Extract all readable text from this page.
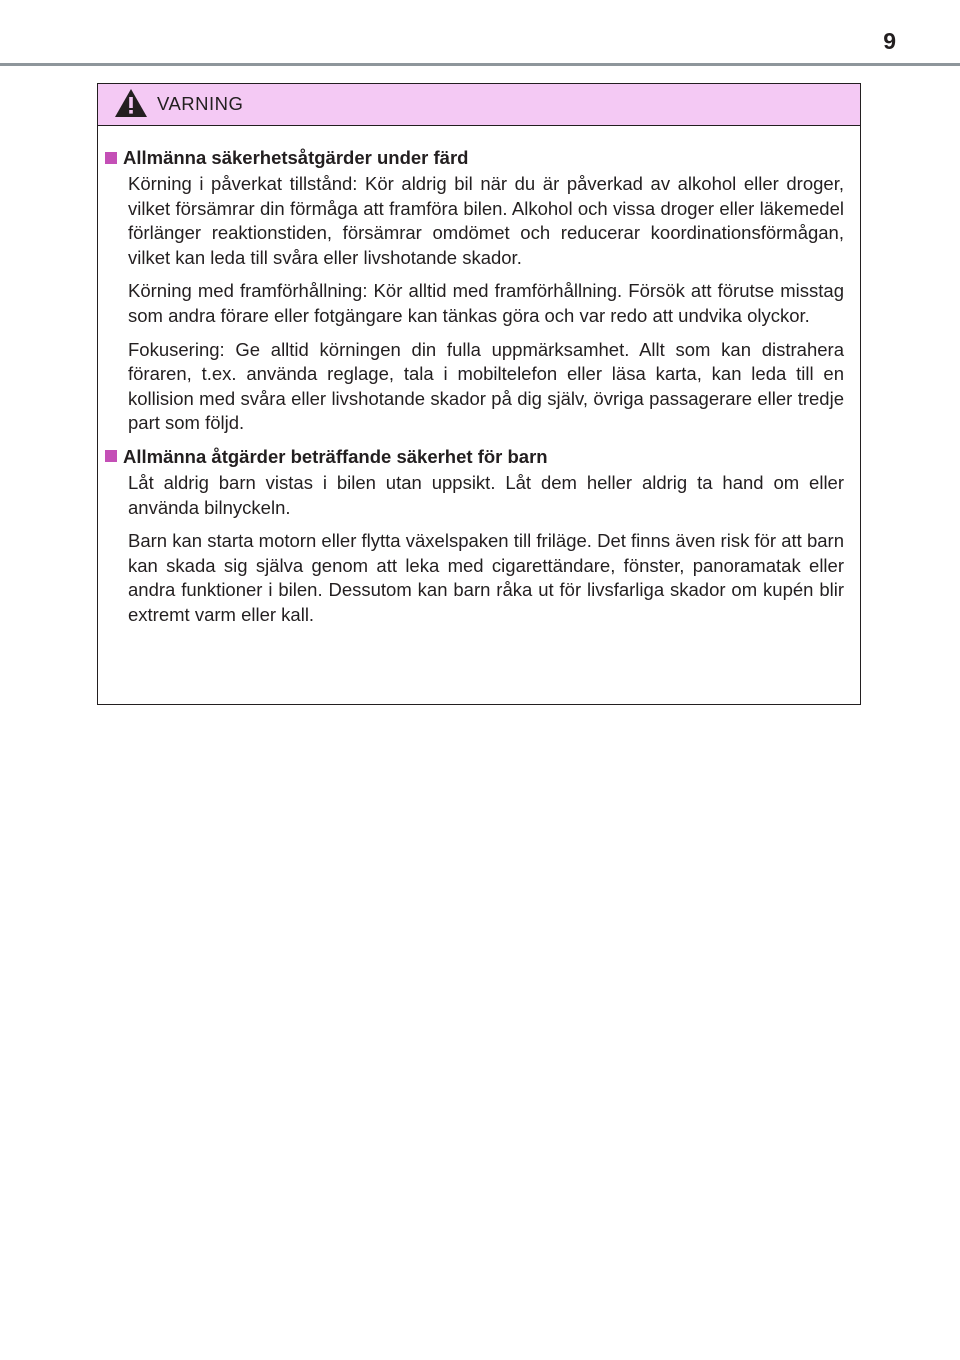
9
VARNING
Allmänna säkerhetsåtgärder under färd

Körning i påverkat tillstånd: Kör aldrig bil när du är påverkad av alkohol eller droger, vilket försämrar din förmåga att framföra bilen. Alkohol och vissa droger eller läkemedel förlänger reaktionstiden, försämrar omdömet och reducerar koordinationsförmågan, vilket kan leda till svåra eller livshotande skador.

Körning med framförhållning: Kör alltid med framförhållning. Försök att förutse misstag som andra förare eller fotgängare kan tänkas göra och var redo att undvika olyckor.

Fokusering: Ge alltid körningen din fulla uppmärksamhet. Allt som kan distrahera föraren, t.ex. använda reglage, tala i mobiltelefon eller läsa karta, kan leda till en kollision med svåra eller livshotande skador på dig själv, övriga passagerare eller tredje part som följd.

Allmänna åtgärder beträffande säkerhet för barn

Låt aldrig barn vistas i bilen utan uppsikt. Låt dem heller aldrig ta hand om eller använda bilnyckeln.

Barn kan starta motorn eller flytta växelspaken till friläge. Det finns även risk för att barn kan skada sig själva genom att leka med cigarettändare, fönster, panoramatak eller andra funktioner i bilen. Dessutom kan barn råka ut för livsfarliga skador om kupén blir extremt varm eller kall.
